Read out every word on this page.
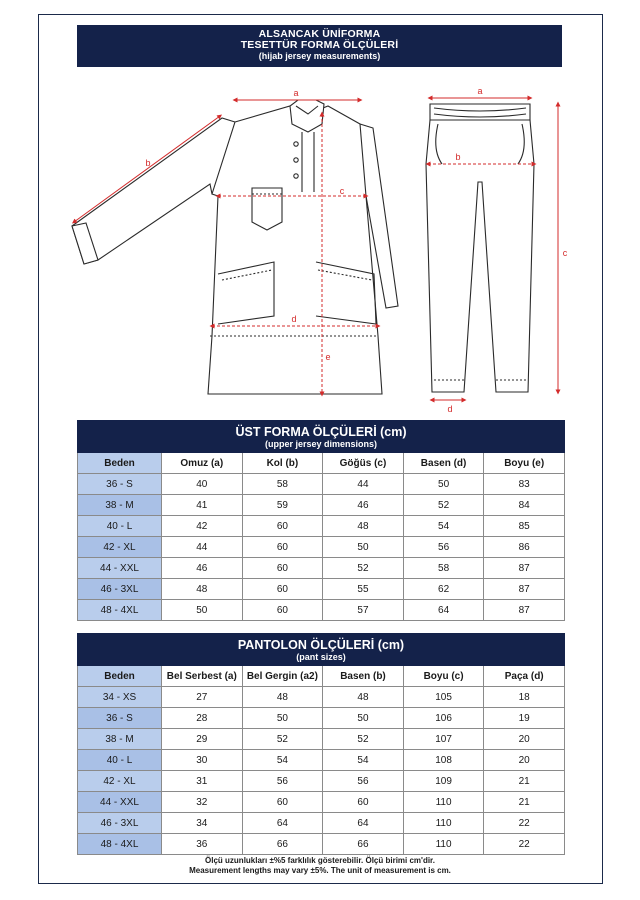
ALSANCAK ÜNİFORMA
TESETTÜR FORMA ÖLÇÜLERİ
(hijab jersey measurements)
a
b
c
d
e
a
b
c
d
ÜST FORMA ÖLÇÜLERİ (cm)
(upper jersey dimensions)					

Beden	Omuz (a)	Kol (b)	Göğüs (c)	Basen (d)	Boyu (e)
36 - S	40	58	44	50	83
38 - M	41	59	46	52	84
40 - L	42	60	48	54	85
42 - XL	44	60	50	56	86
44 - XXL	46	60	52	58	87
46 - 3XL	48	60	55	62	87
48 - 4XL	50	60	57	64	87
PANTOLON ÖLÇÜLERİ (cm)
(pant sizes)					

Beden	Bel Serbest (a)	Bel Gergin (a2)	Basen (b)	Boyu (c)	Paça (d)
34 - XS	27	48	48	105	18
36 - S	28	50	50	106	19
38 - M	29	52	52	107	20
40 - L	30	54	54	108	20
42 - XL	31	56	56	109	21
44 - XXL	32	60	60	110	21
46 - 3XL	34	64	64	110	22
48 - 4XL	36	66	66	110	22
Ölçü uzunlukları ±%5 farklılık gösterebilir. Ölçü birimi cm'dir.
Measurement lengths may vary ±5%. The unit of measurement is cm.
